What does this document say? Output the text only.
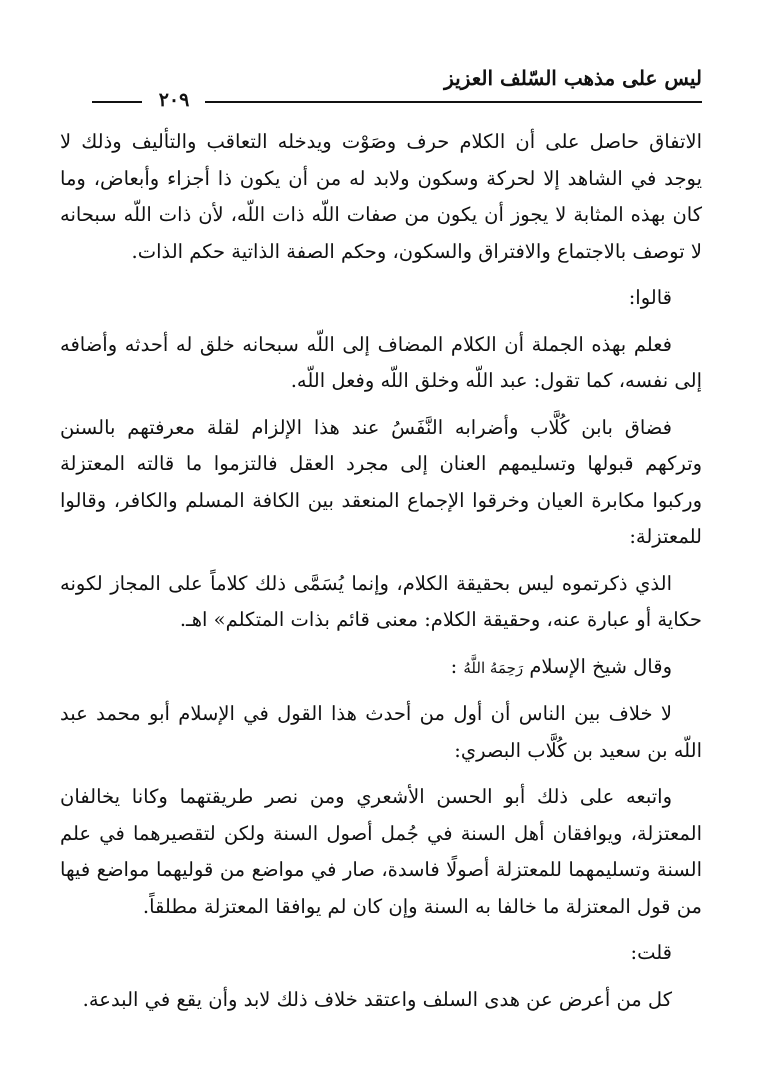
ليس على مذهب السّلف العزيز
٢٠٩

الاتفاق حاصل على أن الكلام حرف وصَوْت ويدخله التعاقب والتأليف وذلك لا يوجد في الشاهد إلا لحركة وسكون ولابد له من أن يكون ذا أجزاء وأبعاض، وما كان بهذه المثابة لا يجوز أن يكون من صفات اللّه ذات اللّه، لأن ذات اللّه سبحانه لا توصف بالاجتماع والافتراق والسكون، وحكم الصفة الذاتية حكم الذات.

قالوا:

فعلم بهذه الجملة أن الكلام المضاف إلى اللّه سبحانه خلق له أحدثه وأضافه إلى نفسه، كما تقول: عبد اللّه وخلق اللّه وفعل اللّه.

فضاق بابن كُلَّاب وأضرابه النَّفَسُ عند هذا الإلزام لقلة معرفتهم بالسنن وتركهم قبولها وتسليمهم العنان إلى مجرد العقل فالتزموا ما قالته المعتزلة وركبوا مكابرة العيان وخرقوا الإجماع المنعقد بين الكافة المسلم والكافر، وقالوا للمعتزلة:

الذي ذكرتموه ليس بحقيقة الكلام، وإنما يُسَمَّى ذلك كلاماً على المجاز لكونه حكاية أو عبارة عنه، وحقيقة الكلام: معنى قائم بذات المتكلم» اهـ.

وقال شيخ الإسلام رَحِمَهُ اللَّهُ :

لا خلاف بين الناس أن أول من أحدث هذا القول في الإسلام أبو محمد عبد اللّه بن سعيد بن كُلَّاب البصري:

واتبعه على ذلك أبو الحسن الأشعري ومن نصر طريقتهما وكانا يخالفان المعتزلة، ويوافقان أهل السنة في جُمل أصول السنة ولكن لتقصيرهما في علم السنة وتسليمهما للمعتزلة أصولًا فاسدة، صار في مواضع من قوليهما مواضع فيها من قول المعتزلة ما خالفا به السنة وإن كان لم يوافقا المعتزلة مطلقاً.

قلت:

كل من أعرض عن هدى السلف واعتقد خلاف ذلك لابد وأن يقع في البدعة.
